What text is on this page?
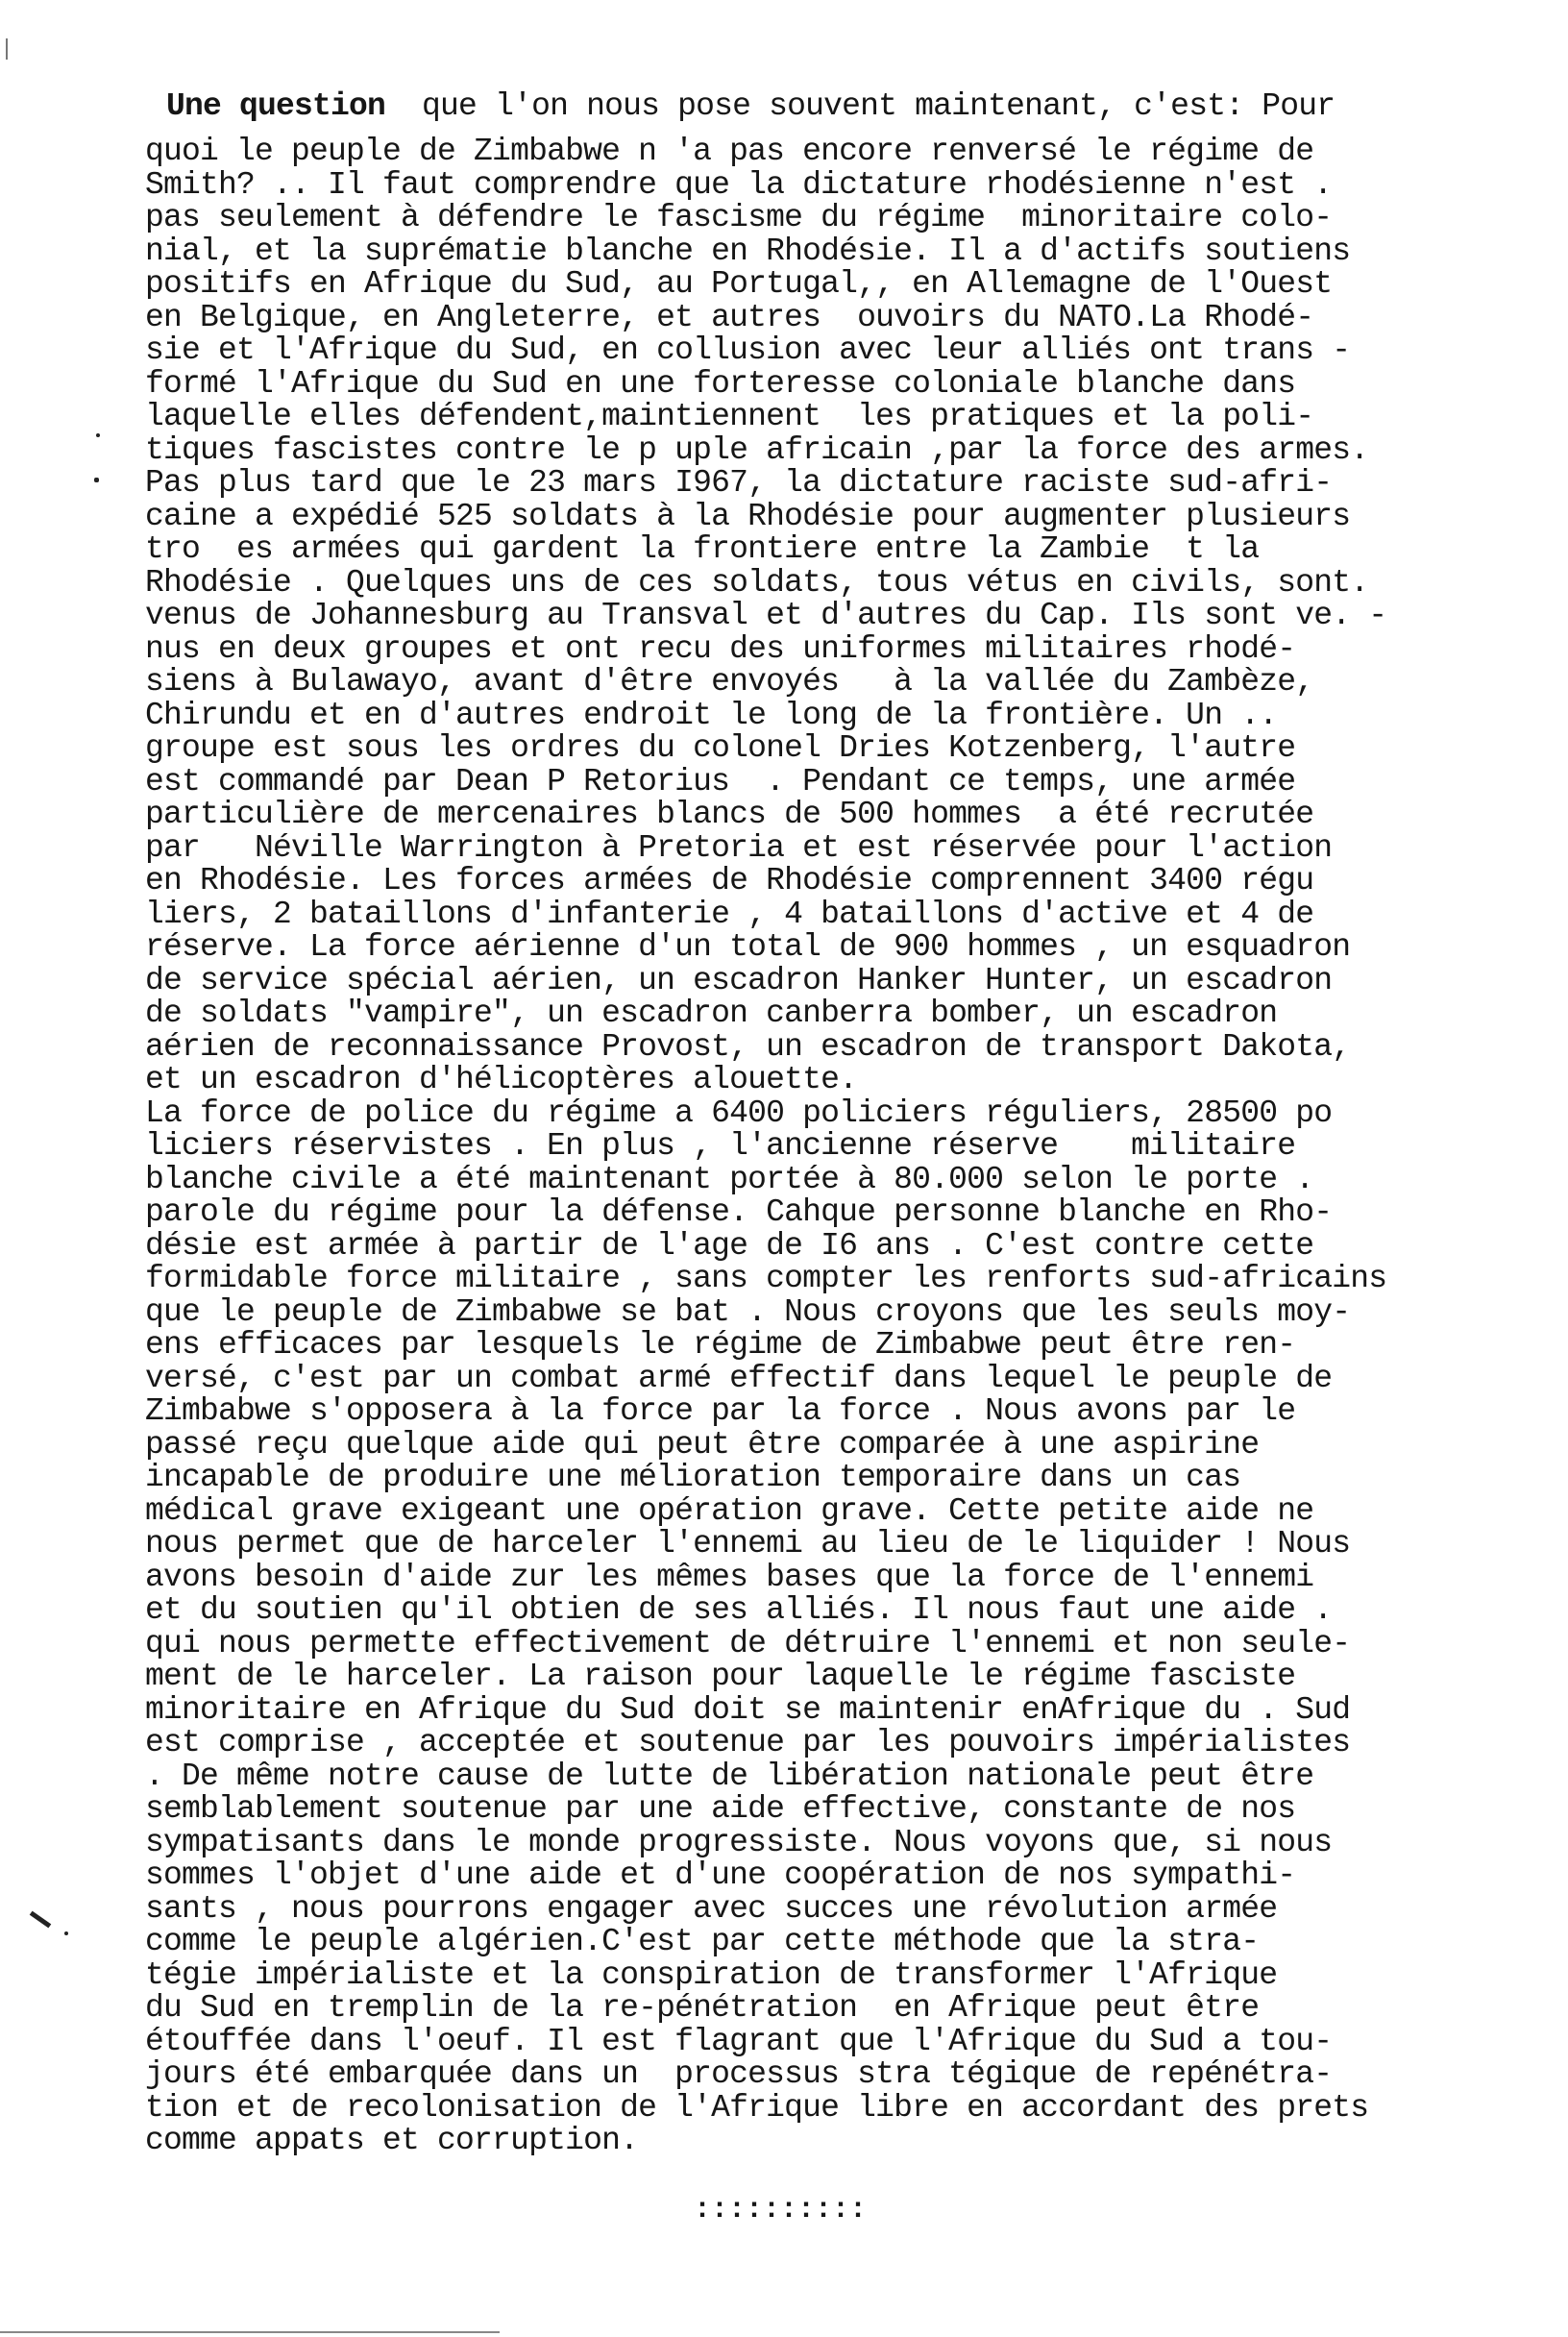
Une question  que l'on nous pose souvent maintenant, c'est: Pour
quoi le peuple de Zimbabwe n 'a pas encore renversé le régime de
Smith? .. Il faut comprendre que la dictature rhodésienne n'est .
pas seulement à défendre le fascisme du régime  minoritaire colo-
nial, et la suprématie blanche en Rhodésie. Il a d'actifs soutiens
positifs en Afrique du Sud, au Portugal,, en Allemagne de l'Ouest
en Belgique, en Angleterre, et autres  ouvoirs du NATO.La Rhodé-
sie et l'Afrique du Sud, en collusion avec leur alliés ont trans -
formé l'Afrique du Sud en une forteresse coloniale blanche dans
laquelle elles défendent,maintiennent  les pratiques et la poli-
tiques fascistes contre le p uple africain ,par la force des armes.
Pas plus tard que le 23 mars I967, la dictature raciste sud-afri-
caine a expédié 525 soldats à la Rhodésie pour augmenter plusieurs
tro  es armées qui gardent la frontiere entre la Zambie  t la
Rhodésie . Quelques uns de ces soldats, tous vétus en civils, sont.
venus de Johannesburg au Transval et d'autres du Cap. Ils sont ve. -
nus en deux groupes et ont recu des uniformes militaires rhodé-
siens à Bulawayo, avant d'être envoyés   à la vallée du Zambèze,
Chirundu et en d'autres endroit le long de la frontière. Un ..
groupe est sous les ordres du colonel Dries Kotzenberg, l'autre
est commandé par Dean P Retorius  . Pendant ce temps, une armée
particulière de mercenaires blancs de 500 hommes  a été recrutée
par   Néville Warrington à Pretoria et est réservée pour l'action
en Rhodésie. Les forces armées de Rhodésie comprennent 3400 régu
liers, 2 bataillons d'infanterie , 4 bataillons d'active et 4 de
réserve. La force aérienne d'un total de 900 hommes , un esquadron
de service spécial aérien, un escadron Hanker Hunter, un escadron
de soldats "vampire", un escadron canberra bomber, un escadron
aérien de reconnaissance Provost, un escadron de transport Dakota,
et un escadron d'hélicoptères alouette.
La force de police du régime a 6400 policiers réguliers, 28500 po
liciers réservistes . En plus , l'ancienne réserve    militaire
blanche civile a été maintenant portée à 80.000 selon le porte .
parole du régime pour la défense. Cahque personne blanche en Rho-
désie est armée à partir de l'age de I6 ans . C'est contre cette
formidable force militaire , sans compter les renforts sud-africains
que le peuple de Zimbabwe se bat . Nous croyons que les seuls moy-
ens efficaces par lesquels le régime de Zimbabwe peut être ren-
versé, c'est par un combat armé effectif dans lequel le peuple de
Zimbabwe s'opposera à la force par la force . Nous avons par le
passé reçu quelque aide qui peut être comparée à une aspirine
incapable de produire une mélioration temporaire dans un cas
médical grave exigeant une opération grave. Cette petite aide ne
nous permet que de harceler l'ennemi au lieu de le liquider ! Nous
avons besoin d'aide zur les mêmes bases que la force de l'ennemi
et du soutien qu'il obtien de ses alliés. Il nous faut une aide .
qui nous permette effectivement de détruire l'ennemi et non seule-
ment de le harceler. La raison pour laquelle le régime fasciste
minoritaire en Afrique du Sud doit se maintenir enAfrique du . Sud
est comprise , acceptée et soutenue par les pouvoirs impérialistes
. De même notre cause de lutte de libération nationale peut être
semblablement soutenue par une aide effective, constante de nos
sympatisants dans le monde progressiste. Nous voyons que, si nous
sommes l'objet d'une aide et d'une coopération de nos sympathi-
sants , nous pourrons engager avec succes une révolution armée
comme le peuple algérien.C'est par cette méthode que la stra-
tégie impérialiste et la conspiration de transformer l'Afrique
du Sud en tremplin de la re-pénétration  en Afrique peut être
étouffée dans l'oeuf. Il est flagrant que l'Afrique du Sud a tou-
jours été embarquée dans un  processus stra tégique de repénétra-
tion et de recolonisation de l'Afrique libre en accordant des prets
comme appats et corruption.
::::::::::
